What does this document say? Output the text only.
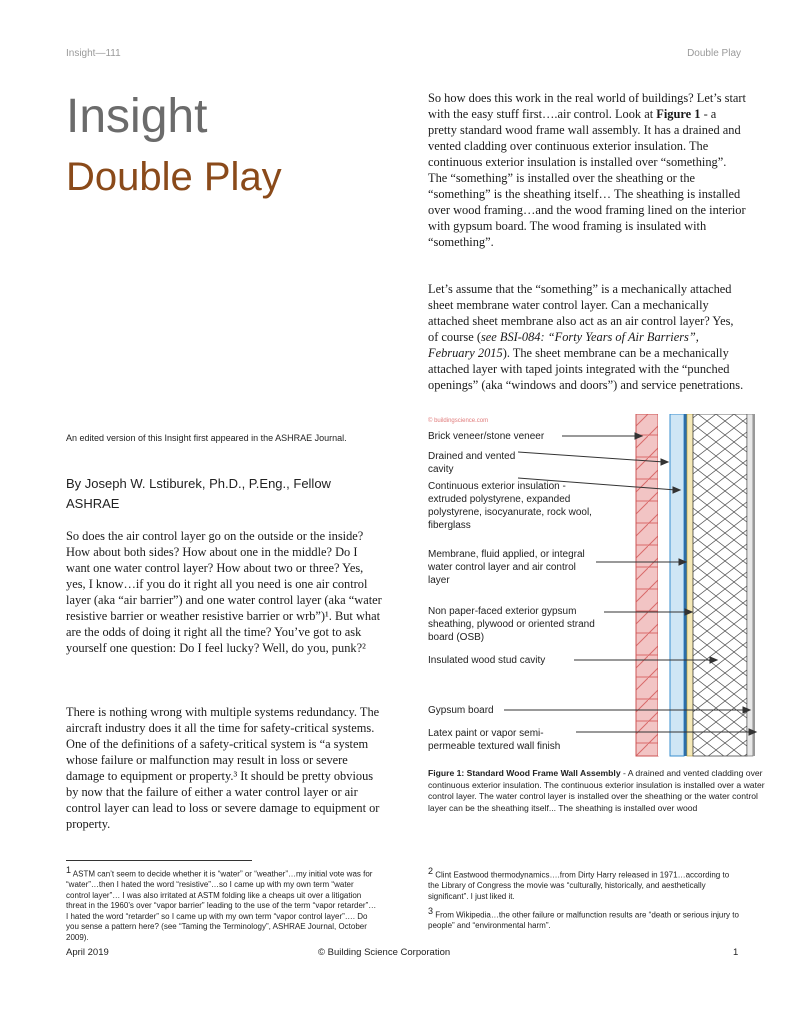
Insight—111	Double Play
Insight
Double Play
An edited version of this Insight first appeared in the ASHRAE Journal.
By Joseph W. Lstiburek, Ph.D., P.Eng., Fellow ASHRAE
So does the air control layer go on the outside or the inside? How about both sides? How about one in the middle? Do I want one water control layer? How about two or three? Yes, yes, I know…if you do it right all you need is one air control layer (aka “air barrier”) and one water control layer (aka “water resistive barrier or weather resistive barrier or wrb”)¹. But what are the odds of doing it right all the time? You’ve got to ask yourself one question: Do I feel lucky? Well, do you, punk?²
There is nothing wrong with multiple systems redundancy. The aircraft industry does it all the time for safety-critical systems. One of the definitions of a safety-critical system is “a system whose failure or malfunction may result in loss or severe damage to equipment or property.³ It should be pretty obvious by now that the failure of either a water control layer or air control layer can lead to loss or severe damage to equipment or property.
So how does this work in the real world of buildings? Let’s start with the easy stuff first….air control. Look at Figure 1 - a pretty standard wood frame wall assembly. It has a drained and vented cladding over continuous exterior insulation. The continuous exterior insulation is installed over “something”. The “something” is installed over the sheathing or the “something” is the sheathing itself… The sheathing is installed over wood framing…and the wood framing lined on the interior with gypsum board. The wood framing is insulated with “something”.
Let’s assume that the “something” is a mechanically attached sheet membrane water control layer. Can a mechanically attached sheet membrane also act as an air control layer? Yes, of course (see BSI-084: “Forty Years of Air Barriers”, February 2015). The sheet membrane can be a mechanically attached layer with taped joints integrated with the “punched openings” (aka “windows and doors”) and service penetrations.
© buildingscience.com
Brick veneer/stone veneer
Drained and vented cavity
Continuous exterior insulation - extruded polystyrene, expanded polystyrene, isocyanurate, rock wool, fiberglass
Membrane, fluid applied, or integral water control layer and air control layer
Non paper-faced exterior gypsum sheathing, plywood or oriented strand board (OSB)
Insulated wood stud cavity
Gypsum board
Latex paint or vapor semi-permeable textured wall finish
Figure 1: Standard Wood Frame Wall Assembly - A drained and vented cladding over continuous exterior insulation. The continuous exterior insulation is installed over a water control layer. The water control layer is installed over the sheathing or the water control layer can be the sheathing itself... The sheathing is installed over wood
1 ASTM can’t seem to decide whether it is “water” or “weather”…my initial vote was for “water”…then I hated the word “resistive”…so I came up with my own term “water control layer”… I was also irritated at ASTM folding like a cheaps uit over a litigation threat in the 1960’s over “vapor barrier” leading to the use of the term “vapor retarder”…I hated the word “retarder” so I came up with my own term “vapor control layer”…. Do you sense a pattern here? (see “Taming the Terminology”, ASHRAE Journal, October 2009).
2 Clint Eastwood thermodynamics….from Dirty Harry released in 1971…according to the Library of Congress the movie was “culturally, historically, and aesthetically significant”. I just liked it.
3 From Wikipedia…the other failure or malfunction results are “death or serious injury to people” and “environmental harm”.
April 2019	© Building Science Corporation	1
